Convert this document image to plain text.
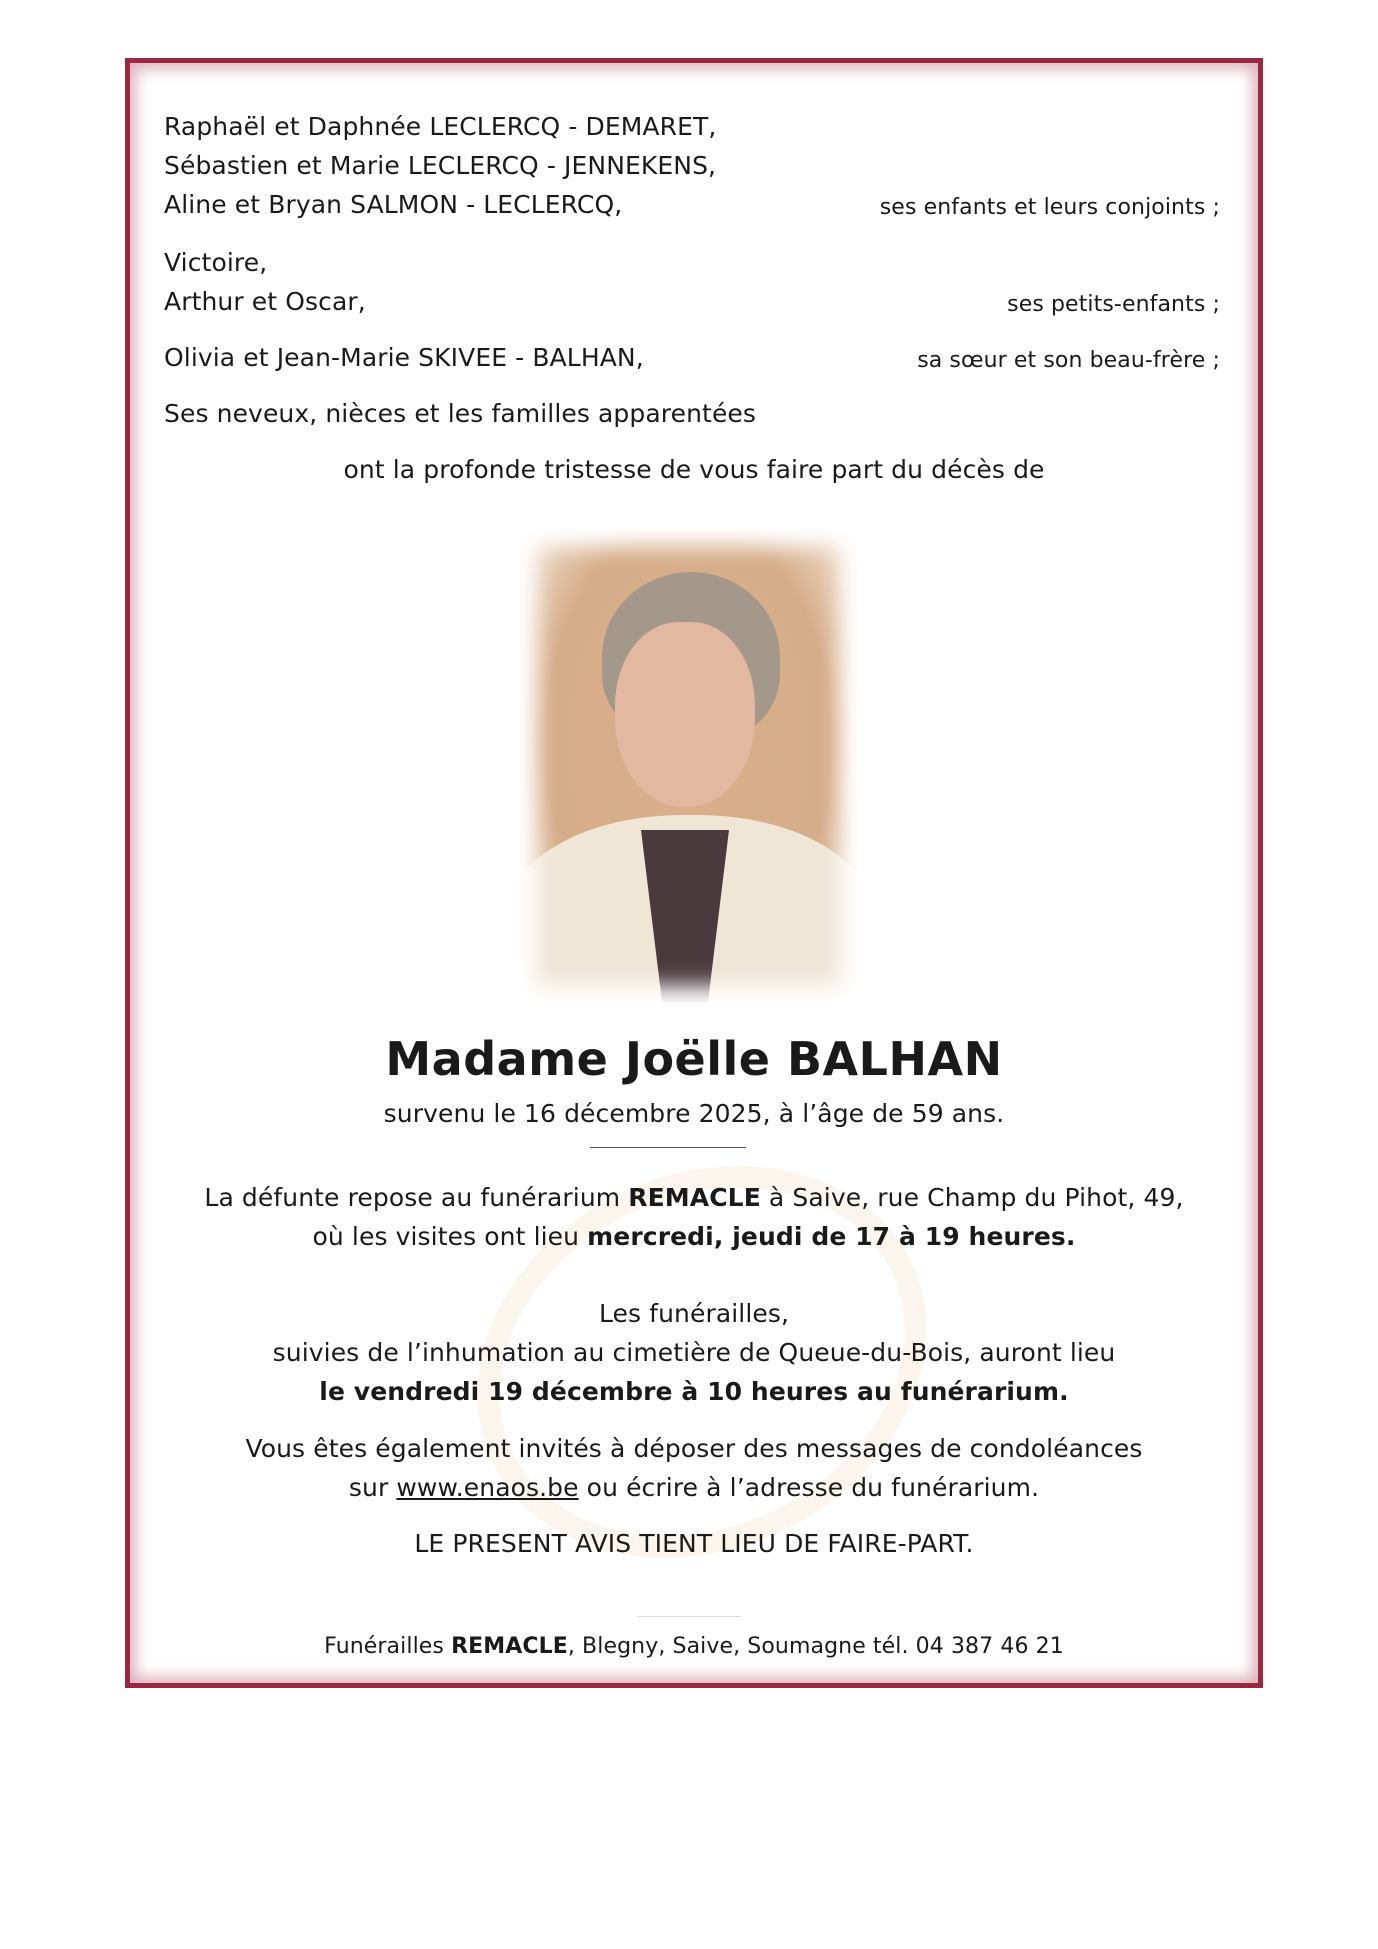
Raphaël et Daphnée LECLERCQ - DEMARET,
Sébastien et Marie LECLERCQ - JENNEKENS,
Aline et Bryan SALMON - LECLERCQ,	ses enfants et leurs conjoints ;
Victoire,
Arthur et Oscar,	ses petits-enfants ;
Olivia et Jean-Marie SKIVEE - BALHAN,	sa sœur et son beau-frère ;
Ses neveux, nièces et les familles apparentées
ont la profonde tristesse de vous faire part du décès de
Madame Joëlle BALHAN
survenu le 16 décembre 2025, à l’âge de 59 ans.
La défunte repose au funérarium REMACLE à Saive, rue Champ du Pihot, 49,
où les visites ont lieu mercredi, jeudi de 17 à 19 heures.
Les funérailles,
suivies de l’inhumation au cimetière de Queue-du-Bois, auront lieu
le vendredi 19 décembre à 10 heures au funérarium.
Vous êtes également invités à déposer des messages de condoléances
sur www.enaos.be ou écrire à l’adresse du funérarium.
LE PRESENT AVIS TIENT LIEU DE FAIRE-PART.
Funérailles REMACLE, Blegny, Saive, Soumagne tél. 04 387 46 21
